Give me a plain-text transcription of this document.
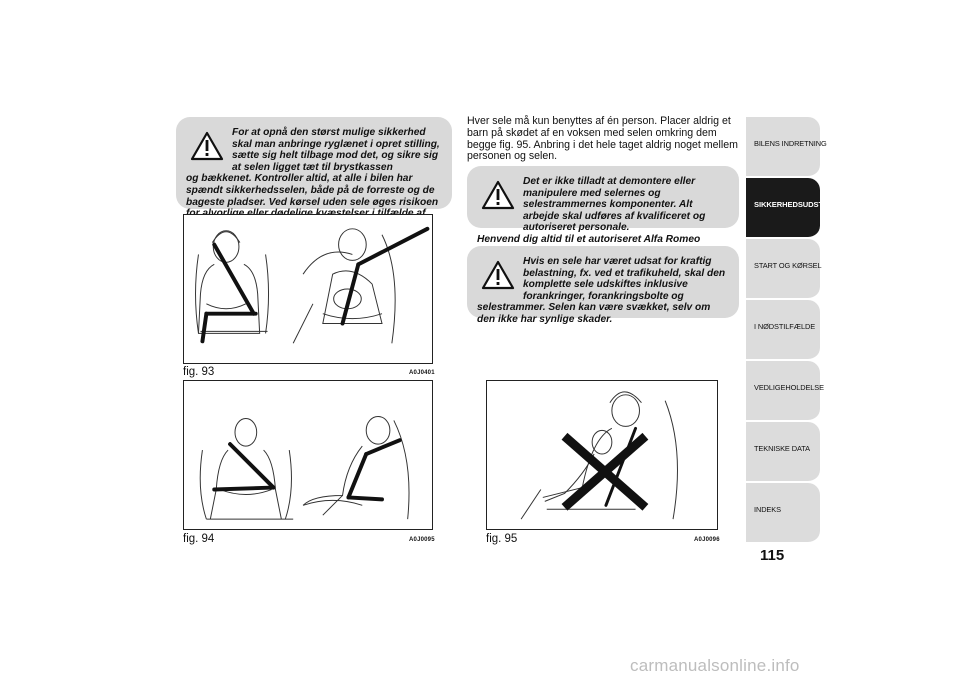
For at opnå den størst mulige sikkerhed skal man anbringe ryglænet i opret stilling, sætte sig helt tilbage mod det, og sikre sig at selen ligget tæt til brystkassen
og bækkenet. Kontroller altid, at alle i bilen har spændt sikkerhedsselen, både på de forreste og de bageste pladser. Ved kørsel uden sele øges risikoen
fig. 93	A0J0401
fig. 94	A0J0095
Hver sele må kun benyttes af én person. Placer aldrig et barn på skødet af en voksen med selen omkring dem begge fig. 95. Anbring i det hele taget aldrig noget mellem personen og selen.
Det er ikke tilladt at demontere eller manipulere med selernes og selestrammernes komponenter. Alt arbejde skal udføres af kvalificeret og autoriseret personale.
Henvend dig altid til et autoriseret Alfa Romeo
Hvis en sele har været udsat for kraftig belastning, fx. ved et trafikuheld, skal den komplette sele udskiftes inklusive forankringer, forankringsbolte og
selestrammer. Selen kan være svækket, selv om den ikke har synlige skader.
fig. 95	A0J0096
BILENS INDRETNING
SIKKERHEDSUDSTYR
START OG KØRSEL
I NØDSTILFÆLDE
VEDLIGEHOLDELSE
TEKNISKE DATA
INDEKS
115
carmanualsonline.info
